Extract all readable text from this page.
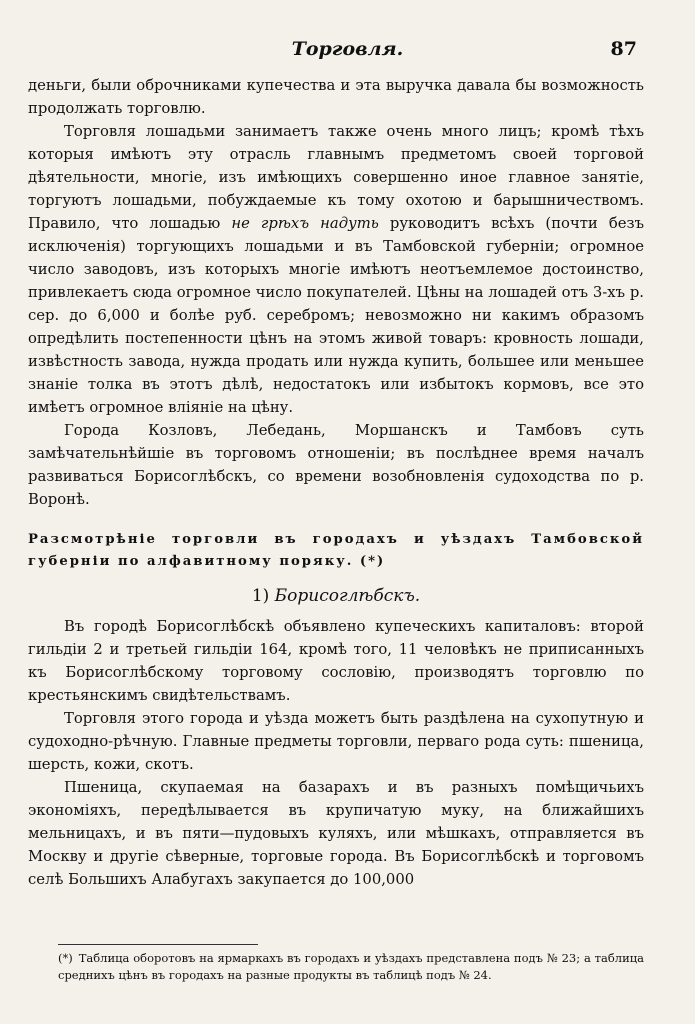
Торговля.	87

деньги, были оброчниками купечества и эта выручка давала бы возможность продолжать торговлю.

Торговля лошадьми занимаетъ также очень много лицъ; кромѣ тѣхъ которыя имѣютъ эту отрасль главнымъ предметомъ своей торговой дѣятельности, многіе, изъ имѣющихъ совершенно иное главное занятіе, торгуютъ лошадьми, побуждаемые къ тому охотою и барышничествомъ. Правило, что лошадью не грѣхъ надуть руководитъ всѣхъ (почти безъ исключенія) торгующихъ лошадьми и въ Тамбовской губерніи; огромное число заводовъ, изъ которыхъ многіе имѣютъ неотъемлемое достоинство, привлекаетъ сюда огромное число покупателей. Цѣны на лошадей отъ 3-хъ р. сер. до 6,000 и болѣе руб. серебромъ; невозможно ни какимъ образомъ опредѣлить постепенности цѣнъ на этомъ живой товаръ: кровность лошади, извѣстность завода, нужда продать или нужда купить, большее или меньшее знаніе толка въ этотъ дѣлѣ, недостатокъ или избытокъ кормовъ, все это имѣетъ огромное вліяніе на цѣну.

Города Козловъ, Лебедань, Моршанскъ и Тамбовъ суть замѣчательнѣйшіе въ торговомъ отношеніи; въ послѣднее время началъ развиваться Борисоглѣбскъ, со времени возобновленія судоходства по р. Воронѣ.

Разсмотрѣніе торговли въ городахъ и уѣздахъ Тамбовской губерніи по алфавитному поряку. (*)
1) Борисоглѣбскъ.

Въ городѣ Борисоглѣбскѣ объявлено купеческихъ капиталовъ: второй гильдіи 2 и третьей гильдіи 164, кромѣ того, 11 человѣкъ не приписанныхъ къ Борисоглѣбскому торговому сословію, производятъ торговлю по крестьянскимъ свидѣтельствамъ.

Торговля этого города и уѣзда можетъ быть раздѣлена на сухопутную и судоходно-рѣчную. Главные предметы торговли, перваго рода суть: пшеница, шерсть, кожи, скотъ.

Пшеница, скупаемая на базарахъ и въ разныхъ помѣщичьихъ экономіяхъ, передѣлывается въ крупичатую муку, на ближайшихъ мельницахъ, и въ пяти—пудовыхъ куляхъ, или мѣшкахъ, отправляется въ Москву и другіе сѣверные, торговые города. Въ Борисоглѣбскѣ и торговомъ селѣ Большихъ Алабугахъ закупается до 100,000

(*) Таблица оборотовъ на ярмаркахъ въ городахъ и уѣздахъ представлена подъ № 23; а таблица среднихъ цѣнъ въ городахъ на разные продукты въ таблицѣ подъ № 24.
